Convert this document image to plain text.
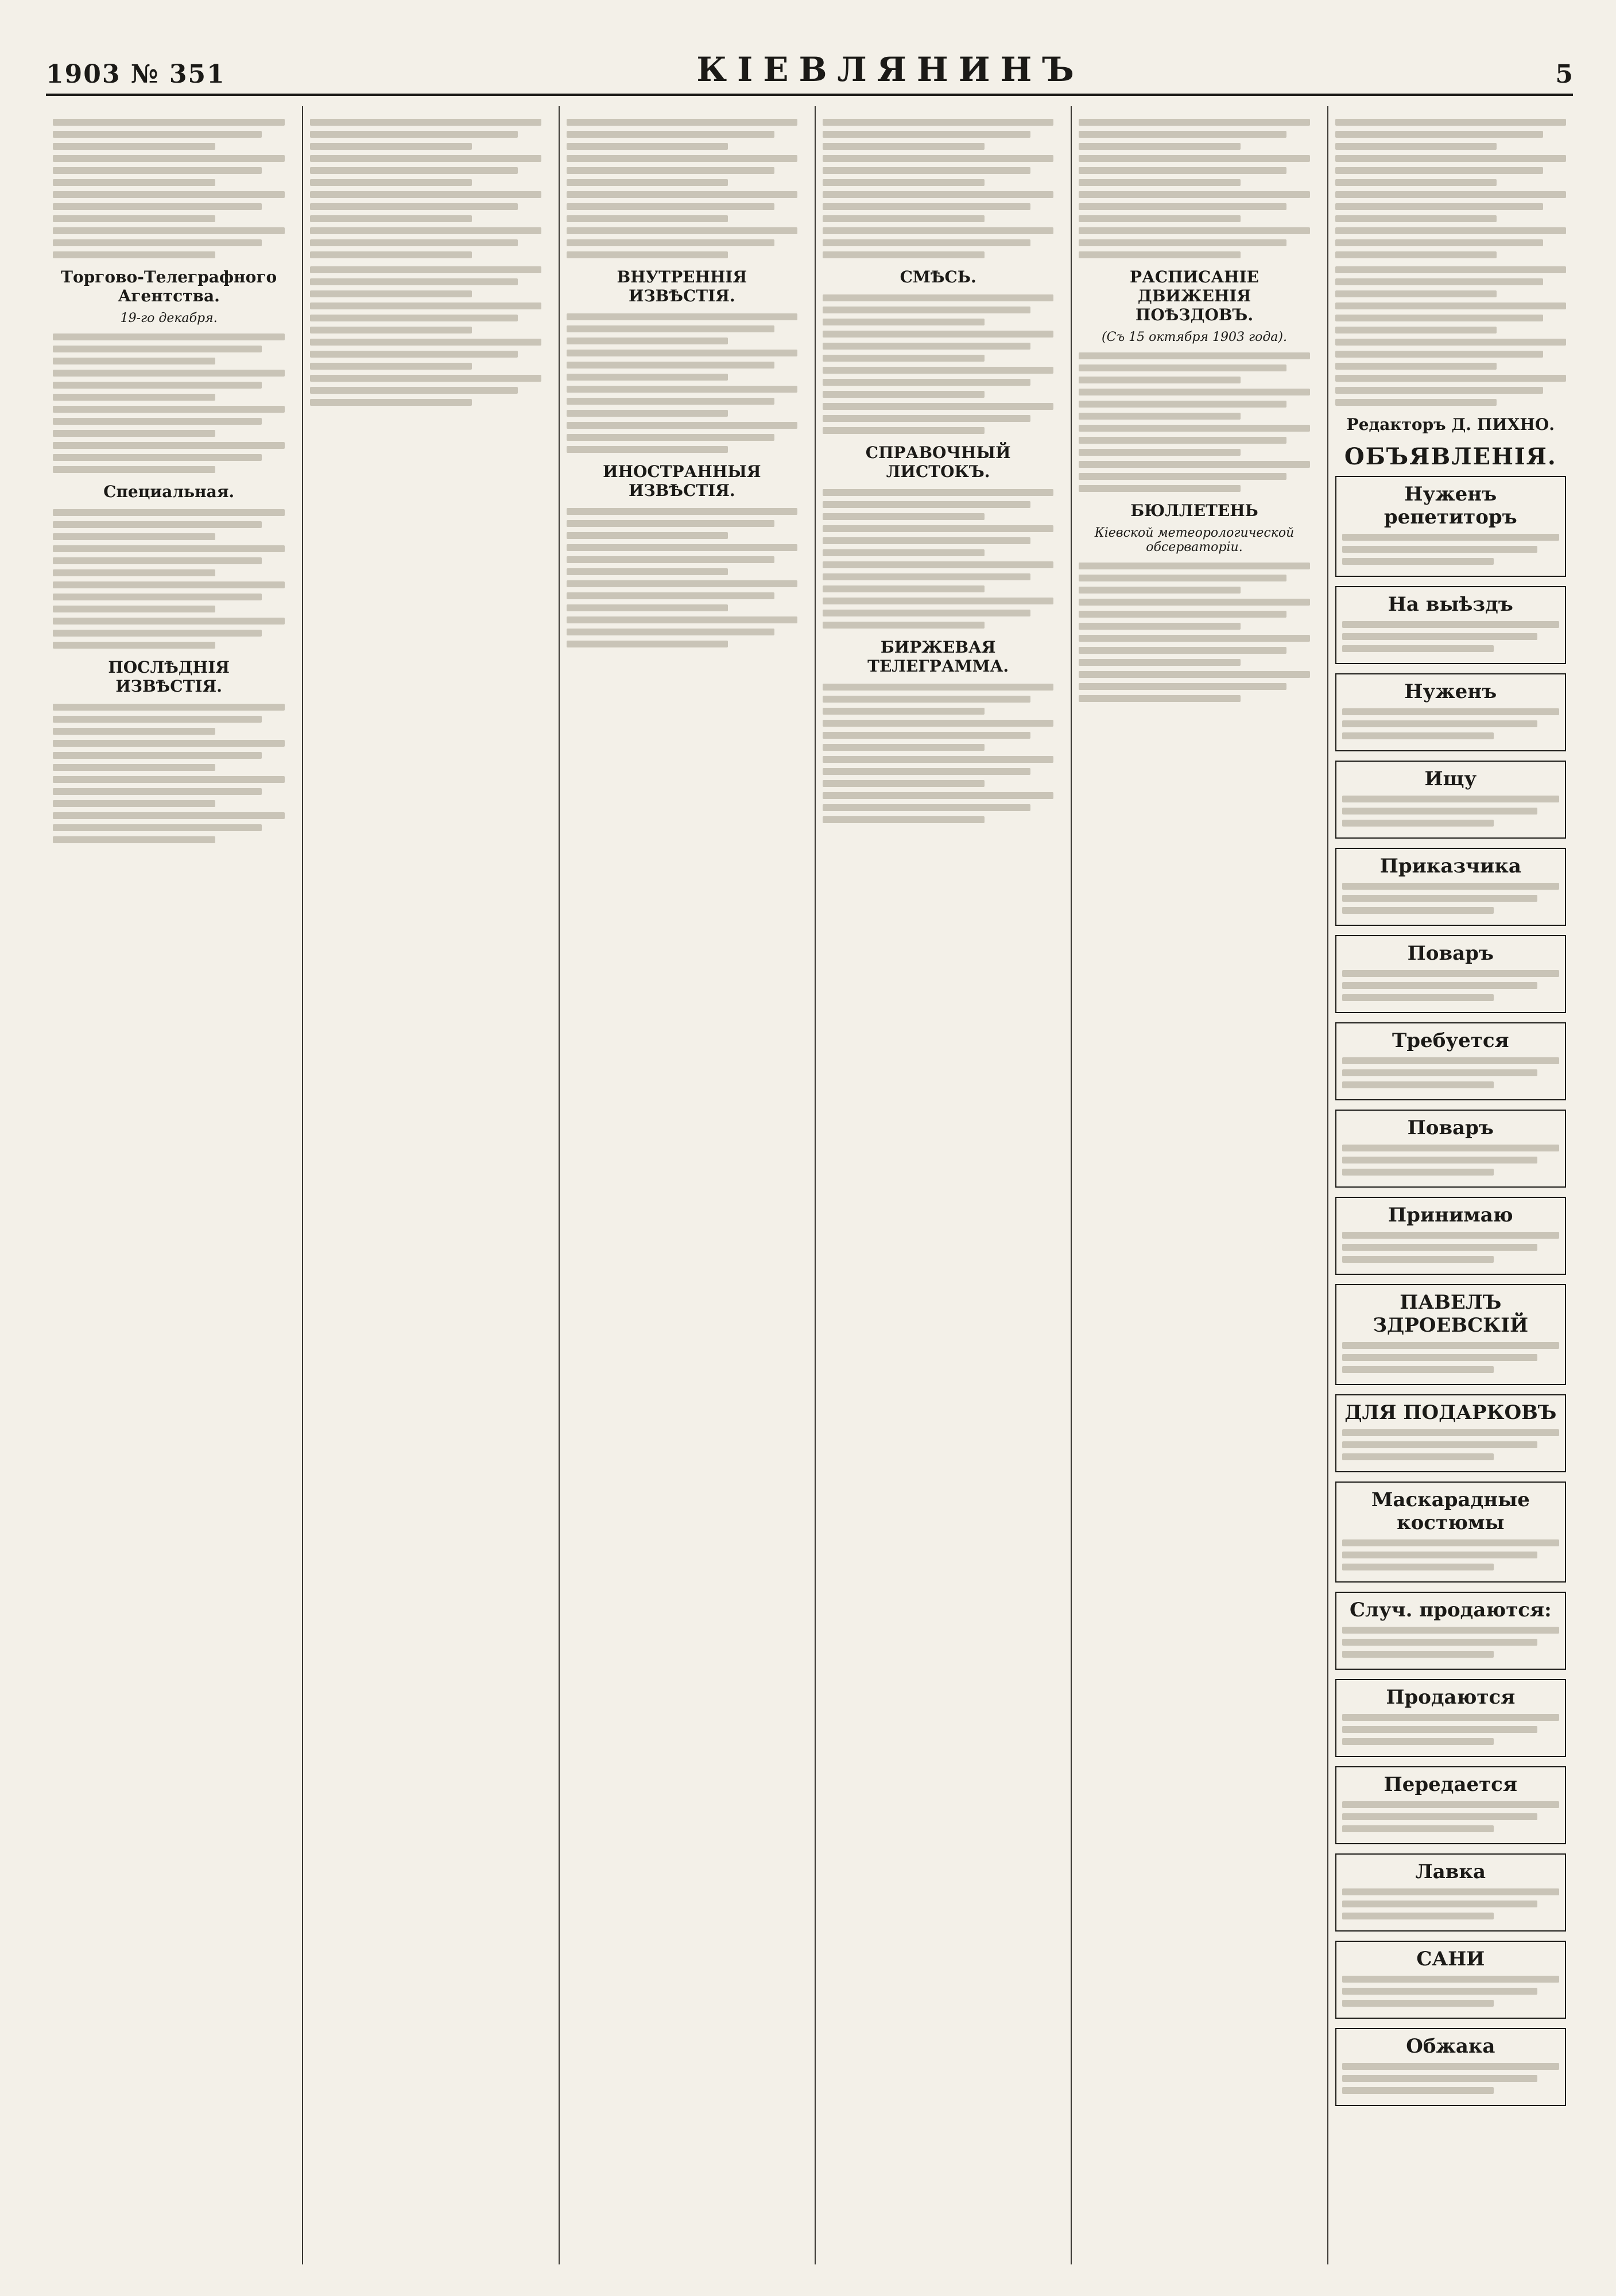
1903 № 351	КІЕВЛЯНИНЪ	5
Торгово-Телеграфного Агентства.
19-го декабря.
Специальная.
ПОСЛѢДНІЯ ИЗВѢСТІЯ.
ВНУТРЕННІЯ ИЗВѢСТІЯ.
ИНОСТРАННЫЯ ИЗВѢСТІЯ.
СМѢСЬ.
СПРАВОЧНЫЙ ЛИСТОКЪ.
БИРЖЕВАЯ ТЕЛЕГРАММА.
РАСПИСАНІЕ ДВИЖЕНІЯ ПОѢЗДОВЪ.
(Съ 15 октября 1903 года).
БЮЛЛЕТЕНЬ
Кіевской метеорологической обсерваторіи.
Редакторъ Д. ПИХНО.
ОБЪЯВЛЕНІЯ.
Нуженъ репетиторъ
На выѣздъ
Нуженъ
Ищу
Приказчика
Поваръ
Требуется
Поваръ
Принимаю
ПАВЕЛЪ ЗДРОЕВСКІЙ
ДЛЯ ПОДАРКОВЪ
Маскарадные костюмы
Случ. продаются:
Продаются
Передается
Лавка
САНИ
Обжака
